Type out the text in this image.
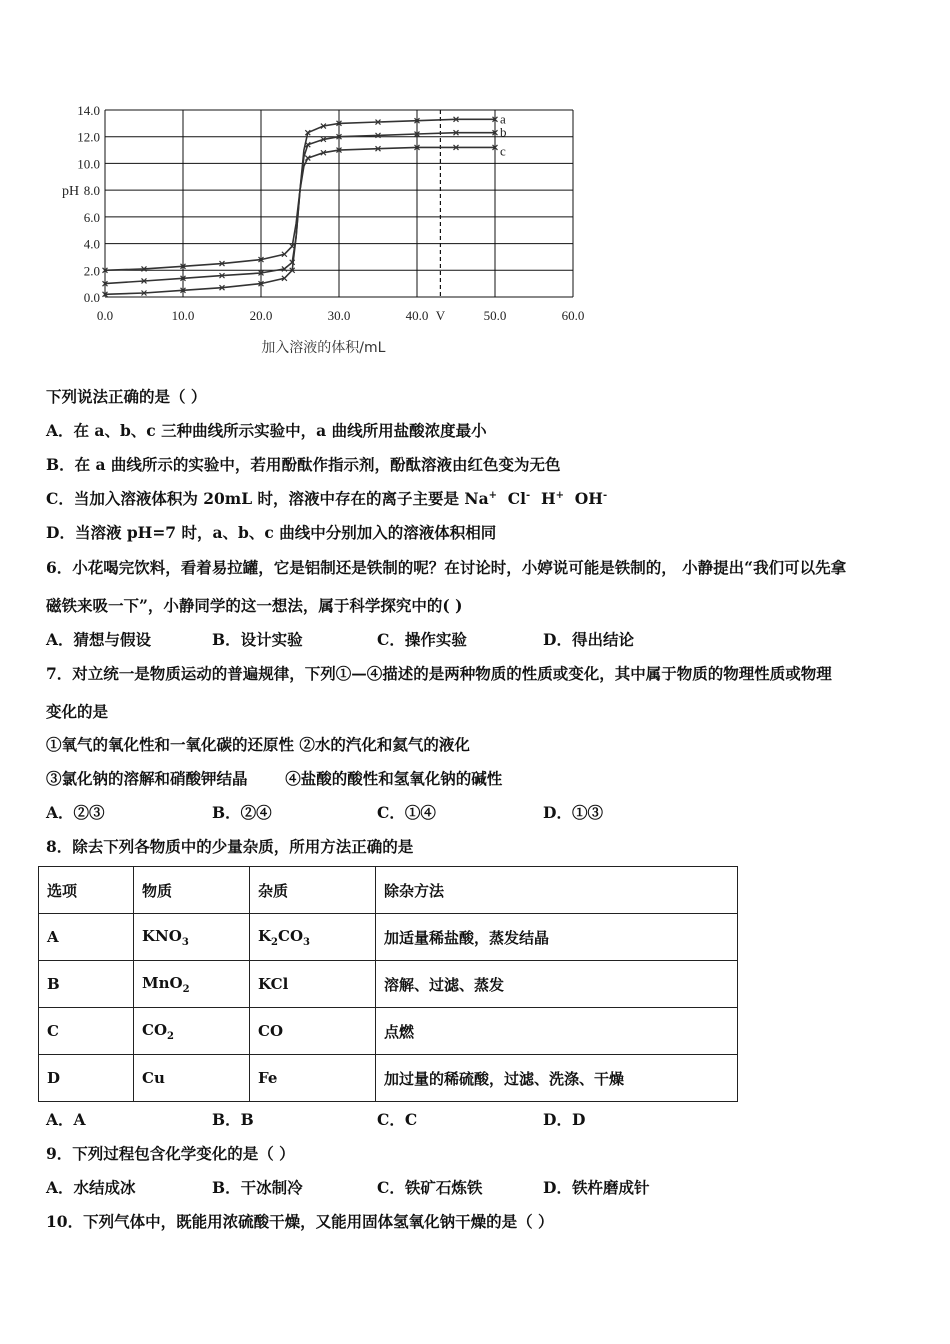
14.0
12.0
10.0
8.0
6.0
4.0
2.0
0.0
0.0	10.0	20.0	30.0	40.0 V	50.0	60.0
pH
加入溶液的体积/mL
a
b
c
下列说法正确的是（ ）
A．在 a、b、c 三种曲线所示实验中，a 曲线所用盐酸浓度最小
B．在 a 曲线所示的实验中，若用酚酞作指示剂，酚酞溶液由红色变为无色
C．当加入溶液体积为 20mL 时，溶液中存在的离子主要是 Na+  Cl-  H+  OH-
D．当溶液 pH=7 时，a、b、c 曲线中分别加入的溶液体积相同
6．小花喝完饮料，看着易拉罐，它是铝制还是铁制的呢？在讨论时，小婷说可能是铁制的， 小静提出“我们可以先拿
磁铁来吸一下”，小静同学的这一想法，属于科学探究中的( )
A．猜想与假设	B．设计实验	C．操作实验	D．得出结论
7．对立统一是物质运动的普遍规律，下列①—④描述的是两种物质的性质或变化，其中属于物质的物理性质或物理
变化的是
①氧气的氧化性和一氧化碳的还原性 ②水的汽化和氦气的液化
③氯化钠的溶解和硝酸钾结晶       ④盐酸的酸性和氢氧化钠的碱性
A．②③	B．②④	C．①④	D．①③
8．除去下列各物质中的少量杂质，所用方法正确的是
选项	物质	杂质	除杂方法
A	$KNO_3$	$K_2CO_3$	加适量稀盐酸，蒸发结晶
B	MnO$_2$	KCl	溶解、过滤、蒸发
C	$CO_2$	CO	点燃
D	Cu	Fe	加过量的稀硫酸，过滤、洗涤、干燥
A．A	B．B	C．C	D．D
9．下列过程包含化学变化的是（ ）
A．水结成冰	B．干冰制冷	C．铁矿石炼铁	D．铁杵磨成针
10．下列气体中，既能用浓硫酸干燥，又能用固体氢氧化钠干燥的是（ ）
